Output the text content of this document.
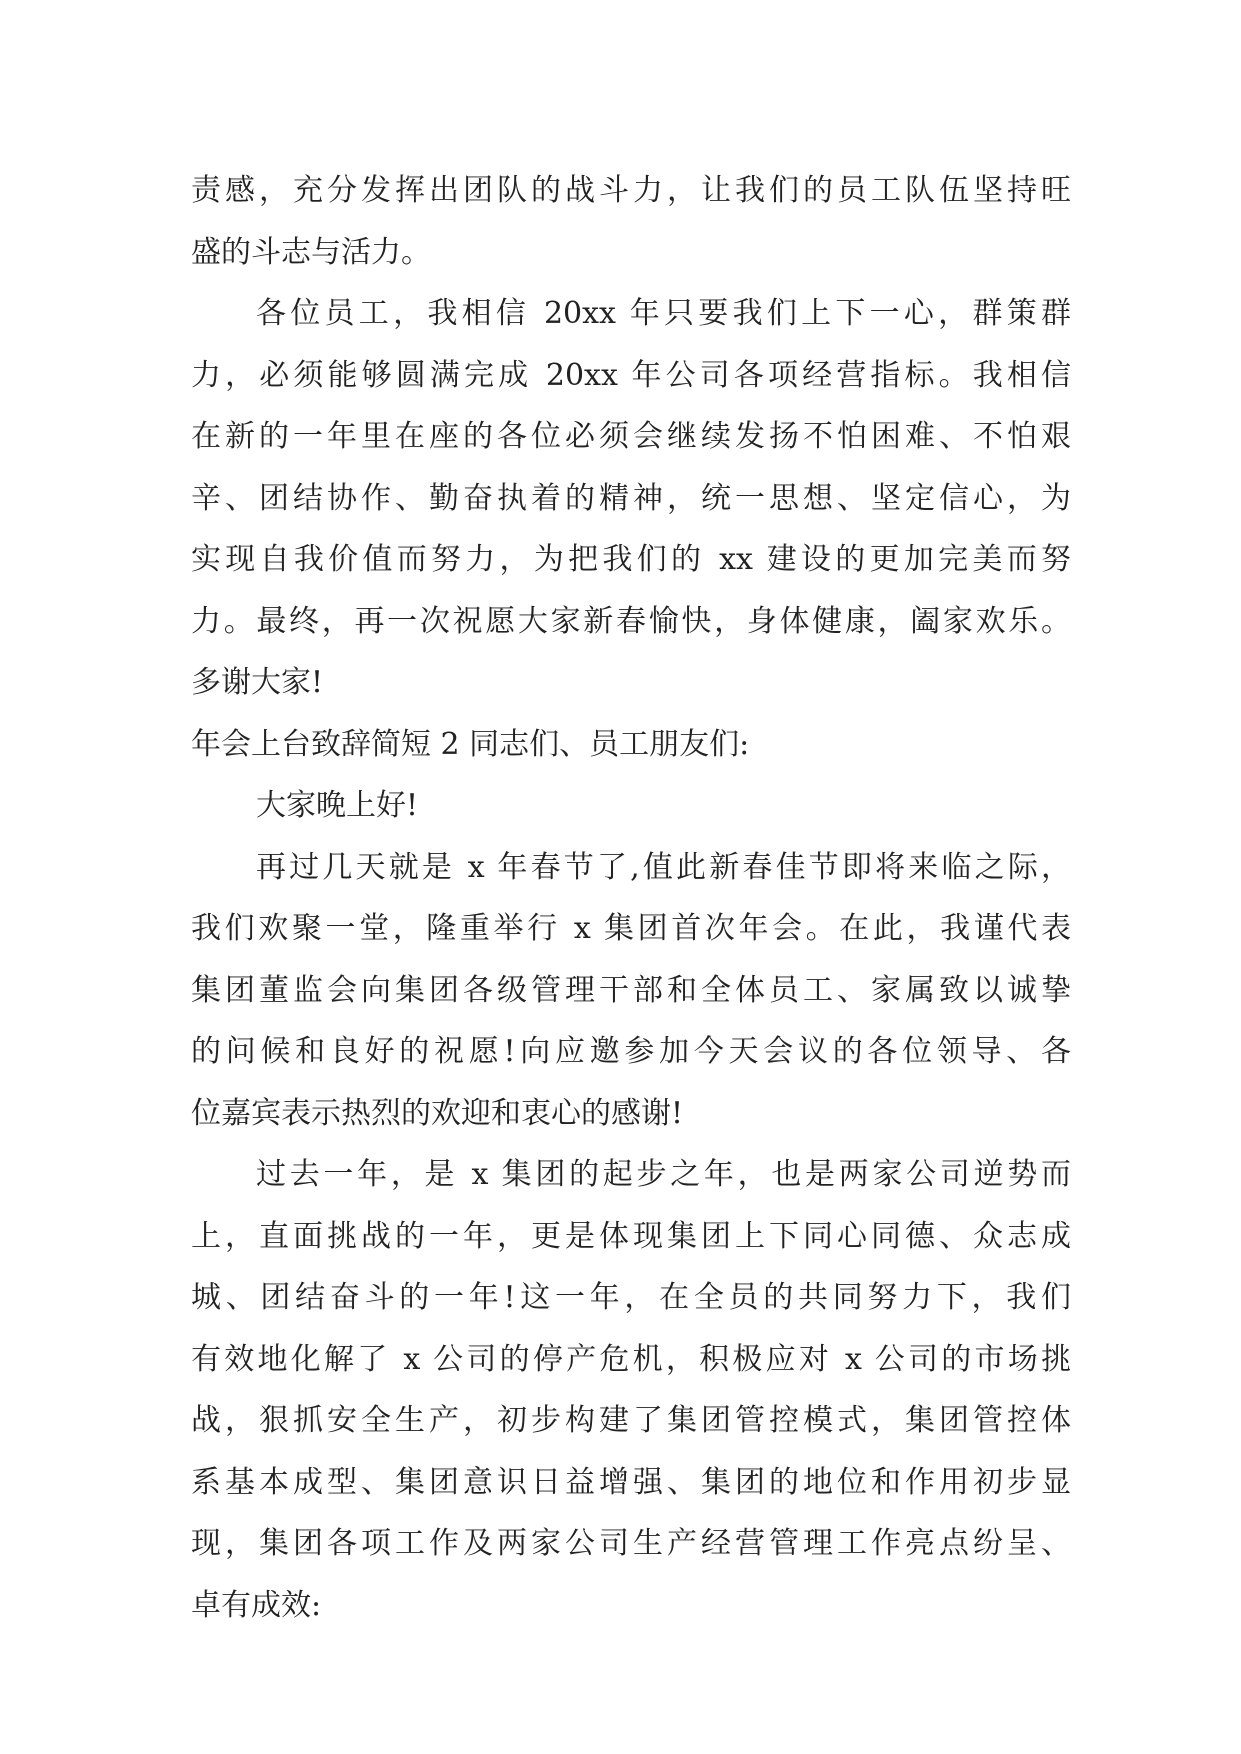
责感，充分发挥出团队的战斗力，让我们的员工队伍坚持旺
盛的斗志与活力。
各位员工，我相信 20xx 年只要我们上下一心，群策群
力，必须能够圆满完成 20xx 年公司各项经营指标。我相信
在新的一年里在座的各位必须会继续发扬不怕困难、不怕艰
辛、团结协作、勤奋执着的精神，统一思想、坚定信心，为
实现自我价值而努力，为把我们的 xx 建设的更加完美而努
力。最终，再一次祝愿大家新春愉快，身体健康，阖家欢乐。
多谢大家!
年会上台致辞简短 2 同志们、员工朋友们:
大家晚上好!
再过几天就是 x 年春节了,值此新春佳节即将来临之际，
我们欢聚一堂，隆重举行 x 集团首次年会。在此，我谨代表
集团董监会向集团各级管理干部和全体员工、家属致以诚挚
的问候和良好的祝愿!向应邀参加今天会议的各位领导、各
位嘉宾表示热烈的欢迎和衷心的感谢!
过去一年，是 x 集团的起步之年，也是两家公司逆势而
上，直面挑战的一年，更是体现集团上下同心同德、众志成
城、团结奋斗的一年!这一年，在全员的共同努力下，我们
有效地化解了 x 公司的停产危机，积极应对 x 公司的市场挑
战，狠抓安全生产，初步构建了集团管控模式，集团管控体
系基本成型、集团意识日益增强、集团的地位和作用初步显
现，集团各项工作及两家公司生产经营管理工作亮点纷呈、
卓有成效:
